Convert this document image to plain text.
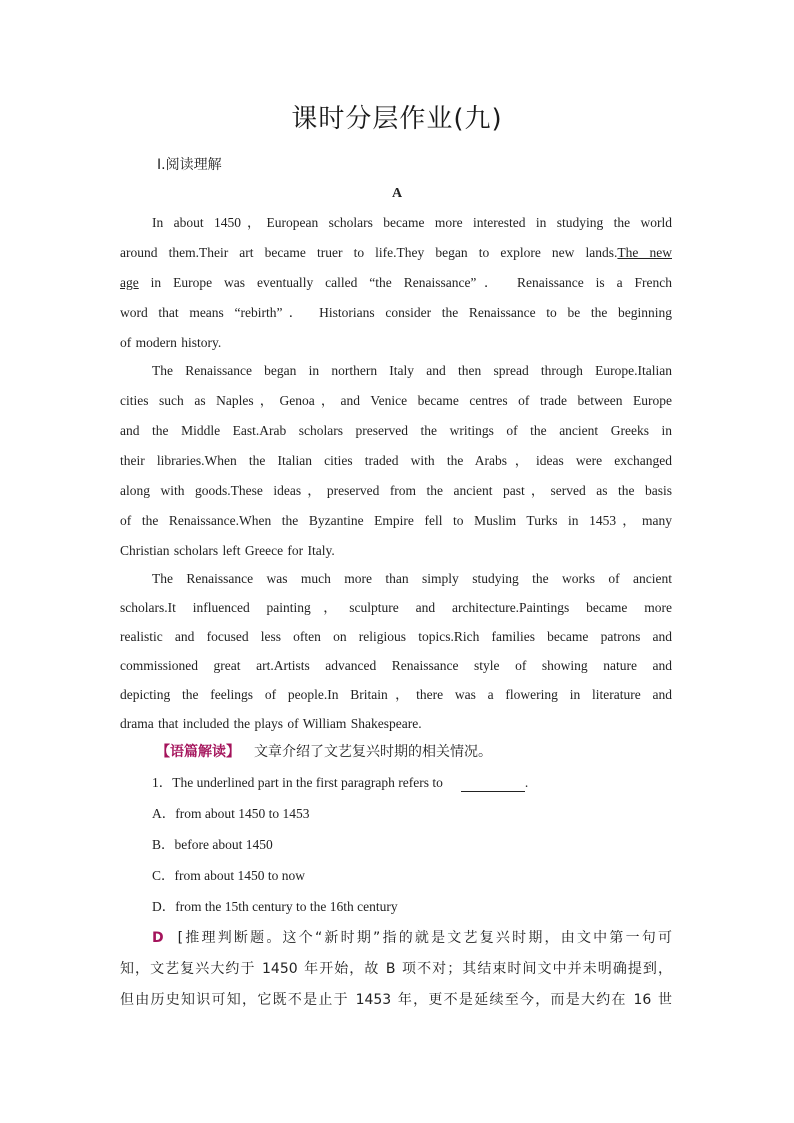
课时分层作业(九)
Ⅰ.阅读理解
A
In about 1450，European scholars became more interested in studying the world
around them.Their art became truer to life.They began to explore new lands.The new
age in Europe was eventually called “the Renaissance”． Renaissance is a French
word that means “rebirth”． Historians consider the Renaissance to be the beginning
of modern history.
The Renaissance began in northern Italy and then spread through Europe.Italian
cities such as Naples，Genoa，and Venice became centres of trade between Europe
and the Middle East.Arab scholars preserved the writings of the ancient Greeks in
their libraries.When the Italian cities traded with the Arabs，ideas were exchanged
along with goods.These ideas，preserved from the ancient past，served as the basis
of the Renaissance.When the Byzantine Empire fell to Muslim Turks in 1453，many
Christian scholars left Greece for Italy.
The Renaissance was much more than simply studying the works of ancient
scholars.It influenced painting，sculpture and architecture.Paintings became more
realistic and focused less often on religious topics.Rich families became patrons and
commissioned great art.Artists advanced Renaissance style of showing nature and
depicting the feelings of people.In Britain，there was a flowering in literature and
drama that included the plays of William Shakespeare.
【语篇解读】 文章介绍了文艺复兴时期的相关情况。
1．The underlined part in the first paragraph refers to	.
A．from about 1450 to 1453
B．before about 1450
C．from about 1450 to now
D．from the 15th century to the 16th century
D [推理判断题。这个“新时期”指的就是文艺复兴时期，由文中第一句可
知，文艺复兴大约于 1450 年开始，故 B 项不对；其结束时间文中并未明确提到，
但由历史知识可知，它既不是止于 1453 年，更不是延续至今，而是大约在 16 世
